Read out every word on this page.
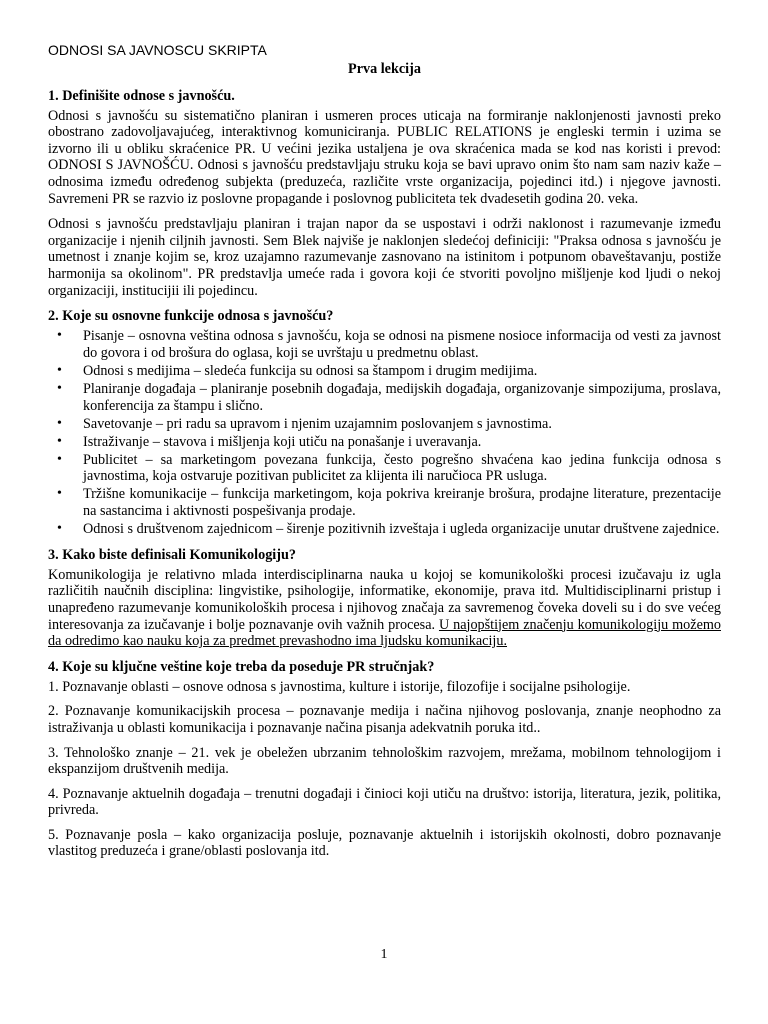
ODNOSI SA JAVNOSCU SKRIPTA

Prva lekcija
1. Definišite odnose s javnošću.

Odnosi s javnošću su sistematično planiran i usmeren proces uticaja na formiranje naklonjenosti javnosti preko obostrano zadovoljavajućeg, interaktivnog komuniciranja. PUBLIC RELATIONS je engleski termin i uzima se izvorno ili u obliku skraćenice PR. U većini jezika ustaljena je ova skraćenica mada se kod nas koristi i prevod: ODNOSI S JAVNOŠĆU. Odnosi s javnošću predstavljaju struku koja se bavi upravo onim što nam sam naziv kaže – odnosima između određenog subjekta (preduzeća, različite vrste organizacija, pojedinci itd.) i njegove javnosti. Savremeni PR se razvio iz poslovne propagande i poslovnog publiciteta tek dvadesetih godina 20. veka.

Odnosi s javnošću predstavljaju planiran i trajan napor da se uspostavi i održi naklonost i razumevanje između organizacije i njenih ciljnih javnosti. Sem Blek najviše je naklonjen sledećoj definiciji: "Praksa odnosa s javnošću je umetnost i znanje kojim se, kroz uzajamno razumevanje zasnovano na istinitom i potpunom obaveštavanju, postiže harmonija sa okolinom". PR predstavlja umeće rada i govora koji će stvoriti povoljno mišljenje kod ljudi o nekoj organizaciji, institucijii ili pojedincu.

2. Koje su osnovne funkcije odnosa s javnošću?
• Pisanje – osnovna veština odnosa s javnošću, koja se odnosi na pismene nosioce informacija od vesti za javnost do govora i od brošura do oglasa, koji se uvrštaju u predmetnu oblast.
• Odnosi s medijima – sledeća funkcija su odnosi sa štampom i drugim medijima.
• Planiranje događaja – planiranje posebnih događaja, medijskih događaja, organizovanje simpozijuma, proslava, konferencija za štampu i slično.
• Savetovanje – pri radu sa upravom i njenim uzajamnim poslovanjem s javnostima.
• Istraživanje – stavova i mišljenja koji utiču na ponašanje i uveravanja.
• Publicitet – sa marketingom povezana funkcija, često pogrešno shvaćena kao jedina funkcija odnosa s javnostima, koja ostvaruje pozitivan publicitet za klijenta ili naručioca PR usluga.
• Tržišne komunikacije – funkcija marketingom, koja pokriva kreiranje brošura, prodajne literature, prezentacije na sastancima i aktivnosti pospešivanja prodaje.
• Odnosi s društvenom zajednicom – širenje pozitivnih izveštaja i ugleda organizacije unutar društvene zajednice.
3. Kako biste definisali Komunikologiju?

Komunikologija je relativno mlada interdisciplinarna nauka u kojoj se komunikološki procesi izučavaju iz ugla različitih naučnih disciplina: lingvistike, psihologije, informatike, ekonomije, prava itd. Multidisciplinarni pristup i unapređeno razumevanje komunikoloških procesa i njihovog značaja za savremenog čoveka doveli su i do sve većeg interesovanja za izučavanje i bolje poznavanje ovih važnih procesa. U najopštijem značenju komunikologiju možemo da odredimo kao nauku koja za predmet prevashodno ima ljudsku komunikaciju.

4. Koje su ključne veštine koje treba da poseduje PR stručnjak?

1. Poznavanje oblasti – osnove odnosa s javnostima, kulture i istorije, filozofije i socijalne psihologije.

2. Poznavanje komunikacijskih procesa – poznavanje medija i načina njihovog poslovanja, znanje neophodno za istraživanja u oblasti komunikacija i poznavanje načina pisanja adekvatnih poruka itd..

3. Tehnološko znanje – 21. vek je obeležen ubrzanim tehnološkim razvojem, mrežama, mobilnom tehnologijom i ekspanzijom društvenih medija.

4. Poznavanje aktuelnih događaja – trenutni događaji i činioci koji utiču na društvo: istorija, literatura, jezik, politika, privreda.

5. Poznavanje posla – kako organizacija posluje, poznavanje aktuelnih i istorijskih okolnosti, dobro poznavanje vlastitog preduzeća i grane/oblasti poslovanja itd.

1
